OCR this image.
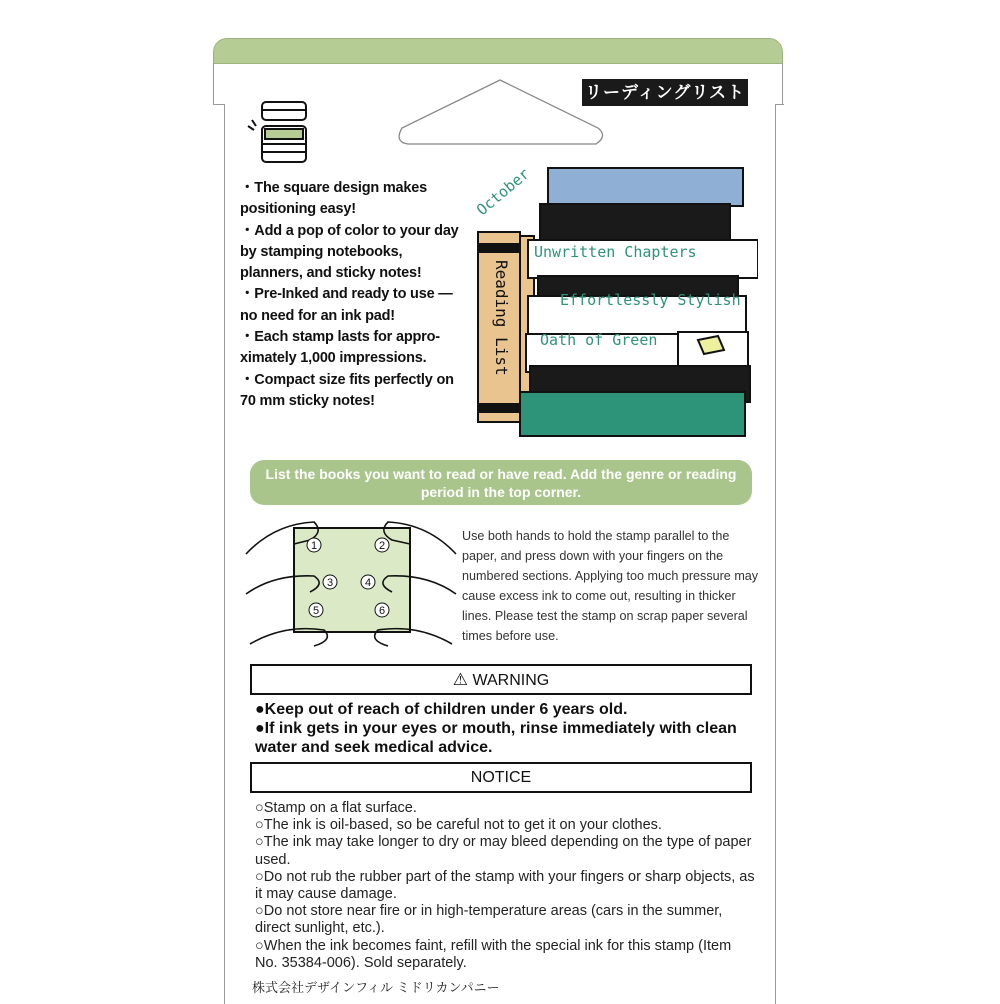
リーディングリスト
・The square design makes positioning easy!
・Add a pop of color to your day by stamping notebooks, planners, and sticky notes!
・Pre-Inked and ready to use —no need for an ink pad!
・Each stamp lasts for appro- ximately 1,000 impressions.
・Compact size fits perfectly on 70 mm sticky notes!
October
Reading List
Unwritten Chapters
Effortlessly Stylish
Oath of Green
List the books you want to read or have read. Add the genre or reading period in the top corner.
1	2
3	4
5	6
Use both hands to hold the stamp parallel to the paper, and press down with your fingers on the numbered sections. Applying too much pressure may cause excess ink to come out, resulting in thicker lines. Please test the stamp on scrap paper several times before use.
⚠ WARNING
●Keep out of reach of children under 6 years old.
●If ink gets in your eyes or mouth, rinse immediately with clean water and seek medical advice.
NOTICE
○Stamp on a flat surface.
○The ink is oil-based, so be careful not to get it on your clothes.
○The ink may take longer to dry or may bleed depending on the type of paper used.
○Do not rub the rubber part of the stamp with your fingers or sharp objects, as it may cause damage.
○Do not store near fire or in high-temperature areas (cars in the summer, direct sunlight, etc.).
○When the ink becomes faint, refill with the special ink for this stamp (Item No. 35384-006). Sold separately.
株式会社デザインフィル ミドリカンパニー
